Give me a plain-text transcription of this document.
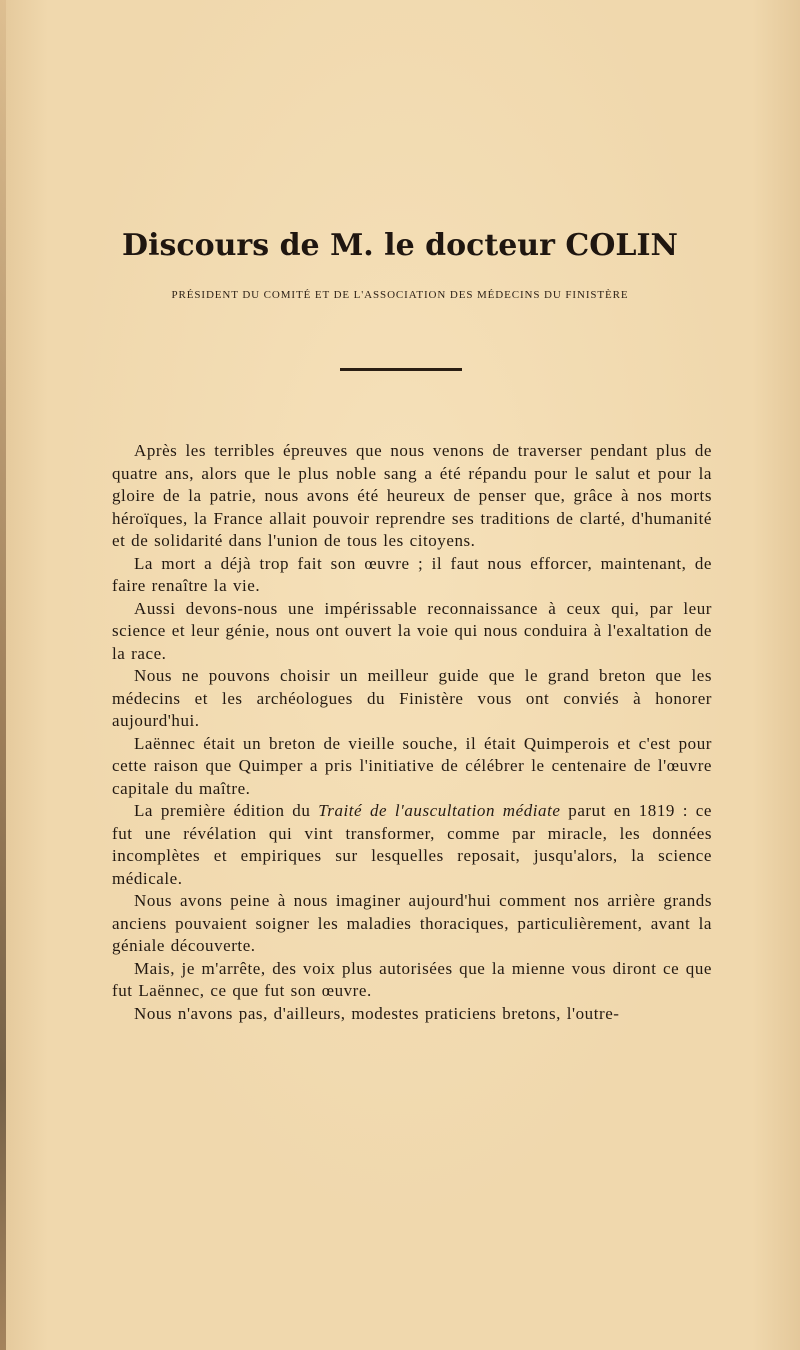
Discours de M. le docteur COLIN
PRÉSIDENT DU COMITÉ ET DE L'ASSOCIATION DES MÉDECINS DU FINISTÈRE

Après les terribles épreuves que nous venons de traverser pendant plus de quatre ans, alors que le plus noble sang a été répandu pour le salut et pour la gloire de la patrie, nous avons été heureux de penser que, grâce à nos morts héroïques, la France allait pouvoir reprendre ses traditions de clarté, d'humanité et de solidarité dans l'union de tous les citoyens.

La mort a déjà trop fait son œuvre ; il faut nous efforcer, maintenant, de faire renaître la vie.

Aussi devons-nous une impérissable reconnaissance à ceux qui, par leur science et leur génie, nous ont ouvert la voie qui nous conduira à l'exaltation de la race.

Nous ne pouvons choisir un meilleur guide que le grand breton que les médecins et les archéologues du Finistère vous ont conviés à honorer aujourd'hui.

Laënnec était un breton de vieille souche, il était Quimperois et c'est pour cette raison que Quimper a pris l'initiative de célébrer le centenaire de l'œuvre capitale du maître.

La première édition du Traité de l'auscultation médiate parut en 1819 : ce fut une révélation qui vint transformer, comme par miracle, les données incomplètes et empiriques sur lesquelles reposait, jusqu'alors, la science médicale.

Nous avons peine à nous imaginer aujourd'hui comment nos arrière grands anciens pouvaient soigner les maladies thoraciques, particulièrement, avant la géniale découverte.

Mais, je m'arrête, des voix plus autorisées que la mienne vous diront ce que fut Laënnec, ce que fut son œuvre.

Nous n'avons pas, d'ailleurs, modestes praticiens bretons, l'outre-
